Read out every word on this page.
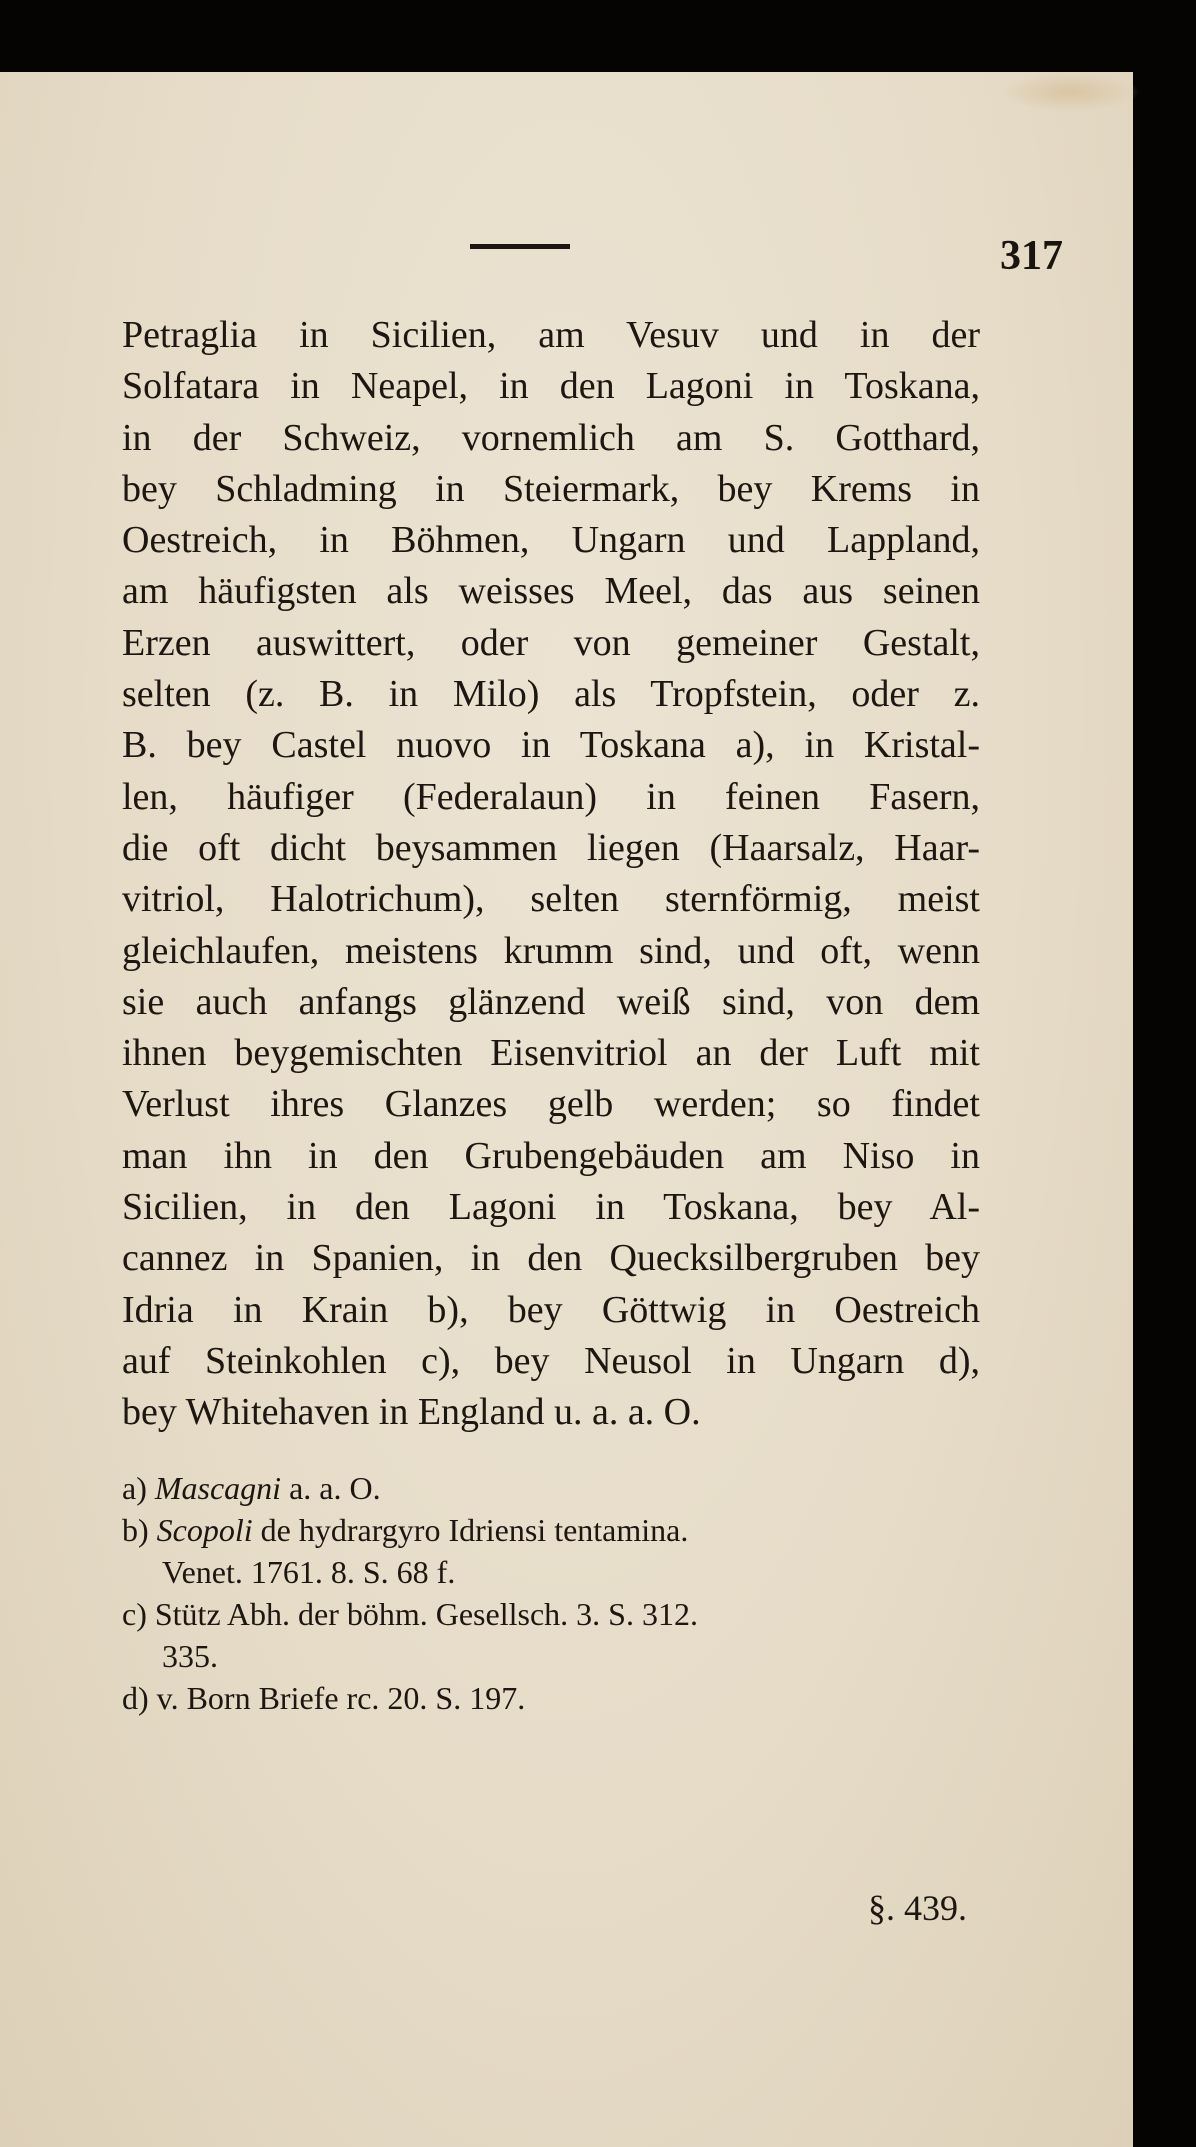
317
Petraglia in Sicilien, am Vesuv und in der
Solfatara in Neapel, in den Lagoni in Toskana,
in der Schweiz, vornemlich am S. Gotthard,
bey Schladming in Steiermark, bey Krems in
Oestreich, in Böhmen, Ungarn und Lappland,
am häufigsten als weisses Meel, das aus seinen
Erzen auswittert, oder von gemeiner Gestalt,
selten (z. B. in Milo) als Tropfstein, oder z.
B. bey Castel nuovo in Toskana a), in Kristal-
len, häufiger (Federalaun) in feinen Fasern,
die oft dicht beysammen liegen (Haarsalz, Haar-
vitriol, Halotrichum), selten sternförmig, meist
gleichlaufen, meistens krumm sind, und oft, wenn
sie auch anfangs glänzend weiß sind, von dem
ihnen beygemischten Eisenvitriol an der Luft mit
Verlust ihres Glanzes gelb werden; so findet
man ihn in den Grubengebäuden am Niso in
Sicilien, in den Lagoni in Toskana, bey Al-
cannez in Spanien, in den Quecksilbergruben bey
Idria in Krain b), bey Göttwig in Oestreich
auf Steinkohlen c), bey Neusol in Ungarn d),
bey Whitehaven in England u. a. a. O.
a) Mascagni a. a. O.
b) Scopoli de hydrargyro Idriensi tentamina.
Venet. 1761. 8. S. 68 f.
c) Stütz Abh. der böhm. Gesellsch. 3. S. 312.
335.
d) v. Born Briefe rc. 20. S. 197.
§. 439.
